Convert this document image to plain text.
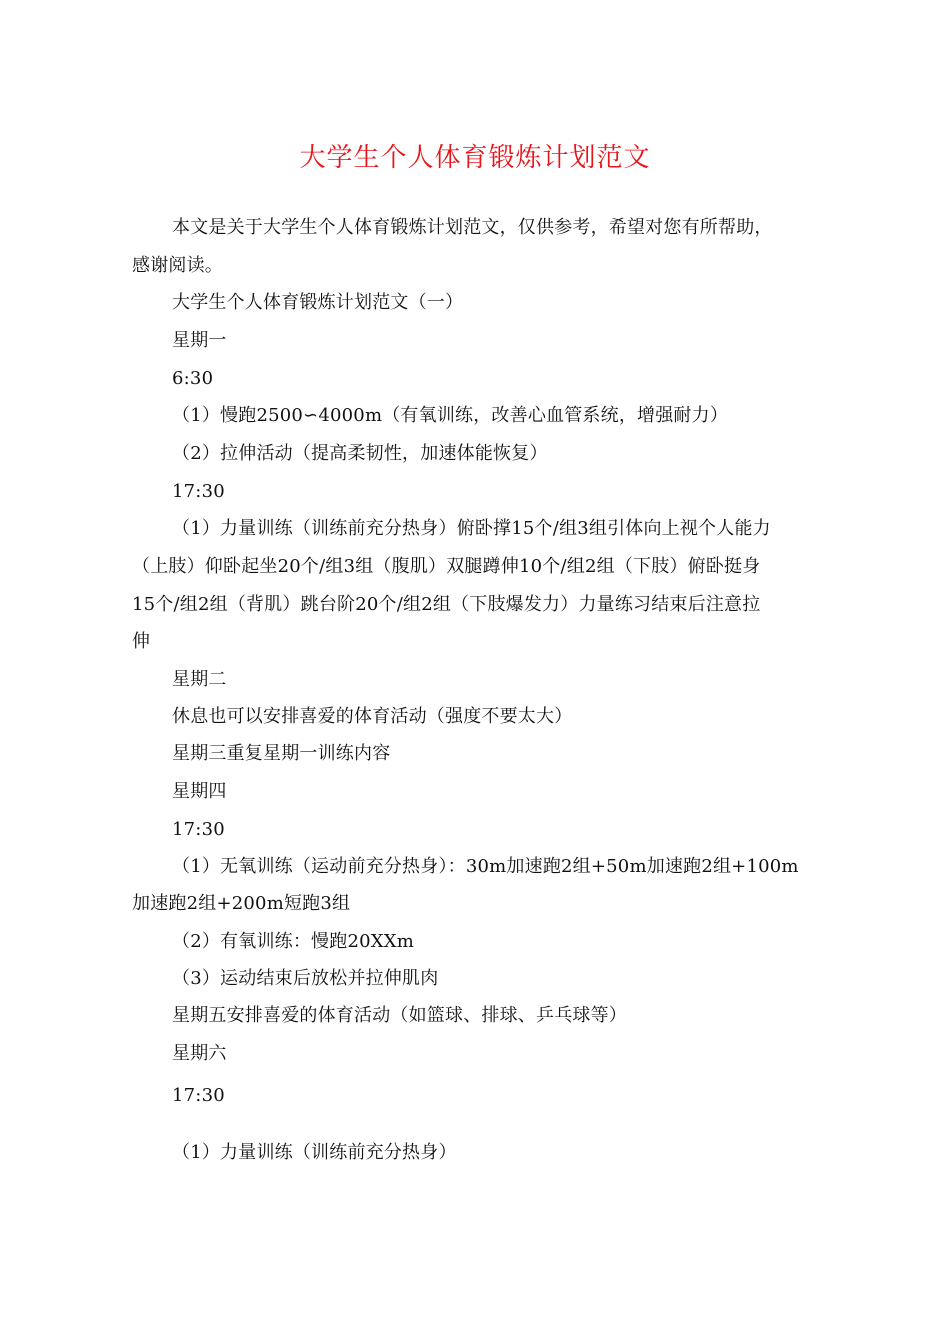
大学生个人体育锻炼计划范文
本文是关于大学生个人体育锻炼计划范文，仅供参考，希望对您有所帮助，
感谢阅读。
大学生个人体育锻炼计划范文（一）
星期一
6:30
（1）慢跑2500∽4000m（有氧训练，改善心血管系统，增强耐力）
（2）拉伸活动（提高柔韧性，加速体能恢复）
17:30
（1）力量训练（训练前充分热身）俯卧撑15个/组3组引体向上视个人能力
（上肢）仰卧起坐20个/组3组（腹肌）双腿蹲伸10个/组2组（下肢）俯卧挺身
15个/组2组（背肌）跳台阶20个/组2组（下肢爆发力）力量练习结束后注意拉
伸
星期二
休息也可以安排喜爱的体育活动（强度不要太大）
星期三重复星期一训练内容
星期四
17:30
（1）无氧训练（运动前充分热身）：30m加速跑2组+50m加速跑2组+100m
加速跑2组+200m短跑3组
（2）有氧训练：慢跑20XXm
（3）运动结束后放松并拉伸肌肉
星期五安排喜爱的体育活动（如篮球、排球、乒乓球等）
星期六
17:30
（1）力量训练（训练前充分热身）
